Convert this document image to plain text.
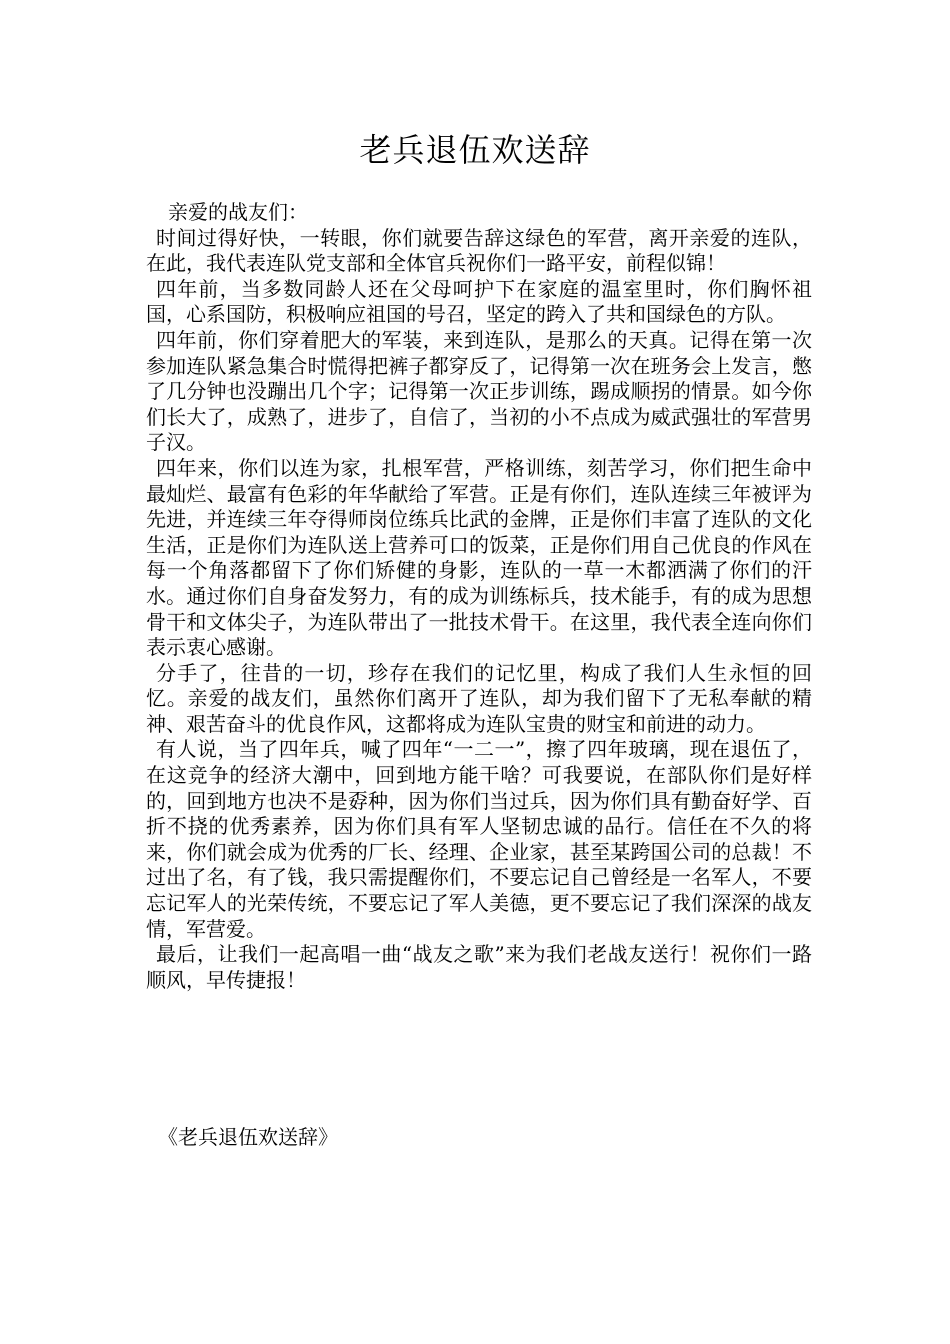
老兵退伍欢送辞

亲爱的战友们：

时间过得好快，一转眼，你们就要告辞这绿色的军营，离开亲爱的连队，在此，我代表连队党支部和全体官兵祝你们一路平安，前程似锦！

四年前，当多数同龄人还在父母呵护下在家庭的温室里时，你们胸怀祖国，心系国防，积极响应祖国的号召，坚定的跨入了共和国绿色的方队。

四年前，你们穿着肥大的军装，来到连队，是那么的天真。记得在第一次参加连队紧急集合时慌得把裤子都穿反了，记得第一次在班务会上发言，憋了几分钟也没蹦出几个字；记得第一次正步训练，踢成顺拐的情景。如今你们长大了，成熟了，进步了，自信了，当初的小不点成为威武强壮的军营男子汉。

四年来，你们以连为家，扎根军营，严格训练，刻苦学习，你们把生命中最灿烂、最富有色彩的年华献给了军营。正是有你们，连队连续三年被评为先进，并连续三年夺得师岗位练兵比武的金牌，正是你们丰富了连队的文化生活，正是你们为连队送上营养可口的饭菜，正是你们用自己优良的作风在每一个角落都留下了你们矫健的身影，连队的一草一木都洒满了你们的汗水。通过你们自身奋发努力，有的成为训练标兵，技术能手，有的成为思想骨干和文体尖子，为连队带出了一批技术骨干。在这里，我代表全连向你们表示衷心感谢。

分手了，往昔的一切，珍存在我们的记忆里，构成了我们人生永恒的回忆。亲爱的战友们，虽然你们离开了连队，却为我们留下了无私奉献的精神、艰苦奋斗的优良作风，这都将成为连队宝贵的财宝和前进的动力。

有人说，当了四年兵，喊了四年“一二一”，擦了四年玻璃，现在退伍了，在这竞争的经济大潮中，回到地方能干啥？可我要说，在部队你们是好样的，回到地方也决不是孬种，因为你们当过兵，因为你们具有勤奋好学、百折不挠的优秀素养，因为你们具有军人坚韧忠诚的品行。信任在不久的将来，你们就会成为优秀的厂长、经理、企业家，甚至某跨国公司的总裁！不过出了名，有了钱，我只需提醒你们，不要忘记自己曾经是一名军人，不要忘记军人的光荣传统，不要忘记了军人美德，更不要忘记了我们深深的战友情，军营爱。

最后，让我们一起高唱一曲“战友之歌”来为我们老战友送行！祝你们一路顺风，早传捷报！

《老兵退伍欢送辞》
